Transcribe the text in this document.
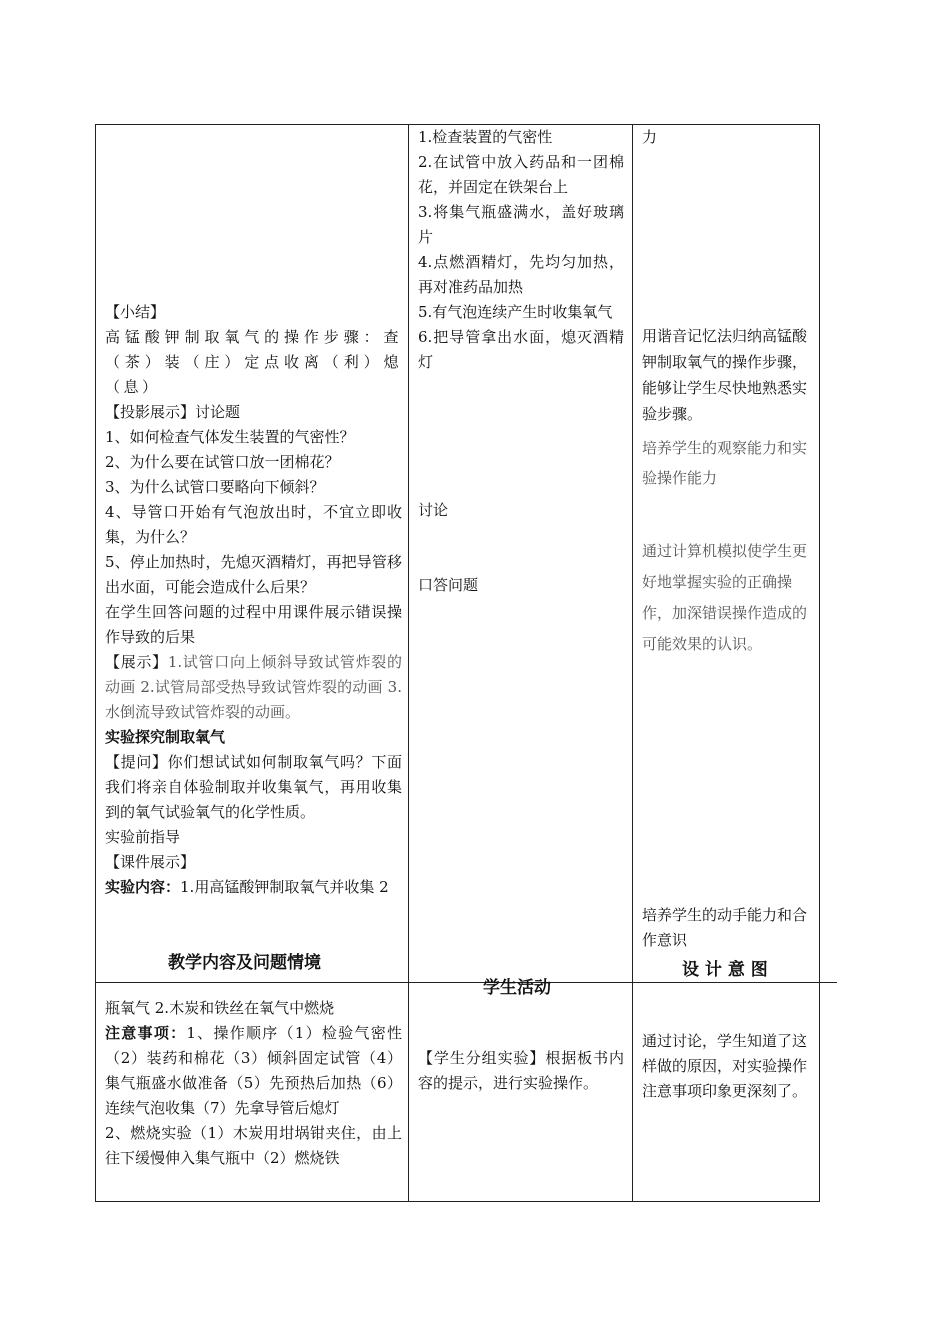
【小结】

高锰酸钾制取氧气的操作步骤：查（茶）装（庄）定点收离（利）熄（息）

【投影展示】讨论题

1、如何检查气体发生装置的气密性？

2、为什么要在试管口放一团棉花？

3、为什么试管口要略向下倾斜？

4、导管口开始有气泡放出时，不宜立即收集，为什么？

5、停止加热时，先熄灭酒精灯，再把导管移出水面，可能会造成什么后果？

在学生回答问题的过程中用课件展示错误操作导致的后果

【展示】1.试管口向上倾斜导致试管炸裂的动画 2.试管局部受热导致试管炸裂的动画 3. 水倒流导致试管炸裂的动画。

实验探究制取氧气

【提问】你们想试试如何制取氧气吗？下面我们将亲自体验制取并收集氧气，再用收集到的氧气试验氧气的化学性质。

实验前指导

【课件展示】

实验内容：1.用高锰酸钾制取氧气并收集 2

1.检查装置的气密性

2.在试管中放入药品和一团棉花，并固定在铁架台上

3.将集气瓶盛满水，盖好玻璃片

4.点燃酒精灯，先均匀加热，再对准药品加热

5.有气泡连续产生时收集氧气

6.把导管拿出水面，熄灭酒精灯

讨论
口答问题
力
用谐音记忆法归纳高锰酸钾制取氧气的操作步骤，能够让学生尽快地熟悉实验步骤。
培养学生的观察能力和实验操作能力
通过计算机模拟使学生更好地掌握实验的正确操作，加深错误操作造成的可能效果的认识。
培养学生的动手能力和合作意识
教学内容及问题情境
学生活动
设 计 意 图

瓶氧气 2.木炭和铁丝在氧气中燃烧

注意事项：1、操作顺序（1）检验气密性（2）装药和棉花（3）倾斜固定试管（4）集气瓶盛水做准备（5）先预热后加热（6）连续气泡收集（7）先拿导管后熄灯

2、燃烧实验（1）木炭用坩埚钳夹住，由上往下缓慢伸入集气瓶中（2）燃烧铁

【学生分组实验】根据板书内容的提示，进行实验操作。
通过讨论，学生知道了这样做的原因，对实验操作注意事项印象更深刻了。
